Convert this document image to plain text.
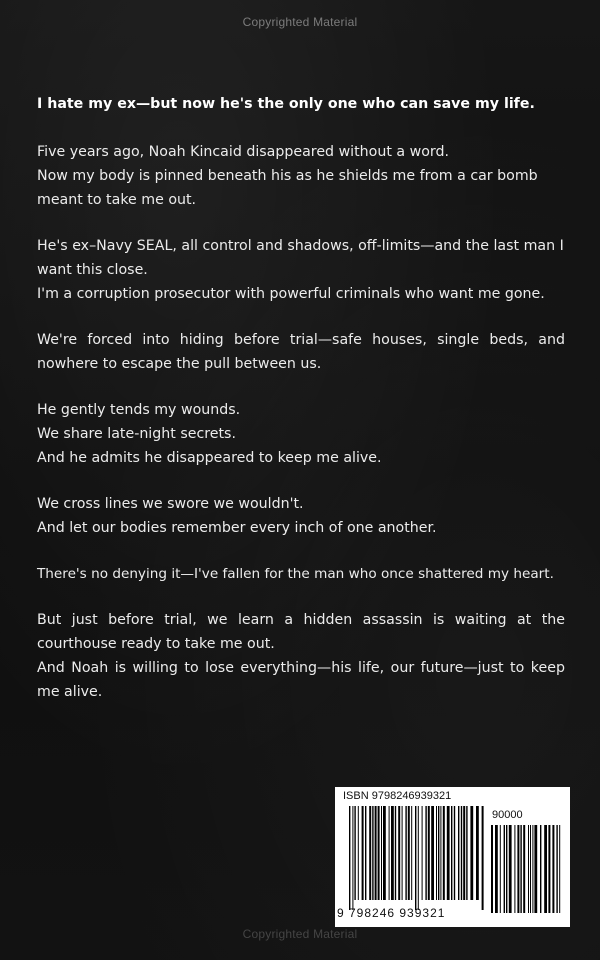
Copyrighted Material

I hate my ex—but now he's the only one who can save my life.

Five years ago, Noah Kincaid disappeared without a word.
Now my body is pinned beneath his as he shields me from a car bomb meant to take me out.

He's ex–Navy SEAL, all control and shadows, off-limits—and the last man I want this close.
I'm a corruption prosecutor with powerful criminals who want me gone.

We're forced into hiding before trial—safe houses, single beds, and nowhere to escape the pull between us.

He gently tends my wounds.
We share late-night secrets.
And he admits he disappeared to keep me alive.

We cross lines we swore we wouldn't.
And let our bodies remember every inch of one another.

There's no denying it—I've fallen for the man who once shattered my heart.

But just before trial, we learn a hidden assassin is waiting at the courthouse ready to take me out.
And Noah is willing to lose everything—his life, our future—just to keep me alive.

ISBN 9798246939321
90000
9 798246 939321
Copyrighted Material
